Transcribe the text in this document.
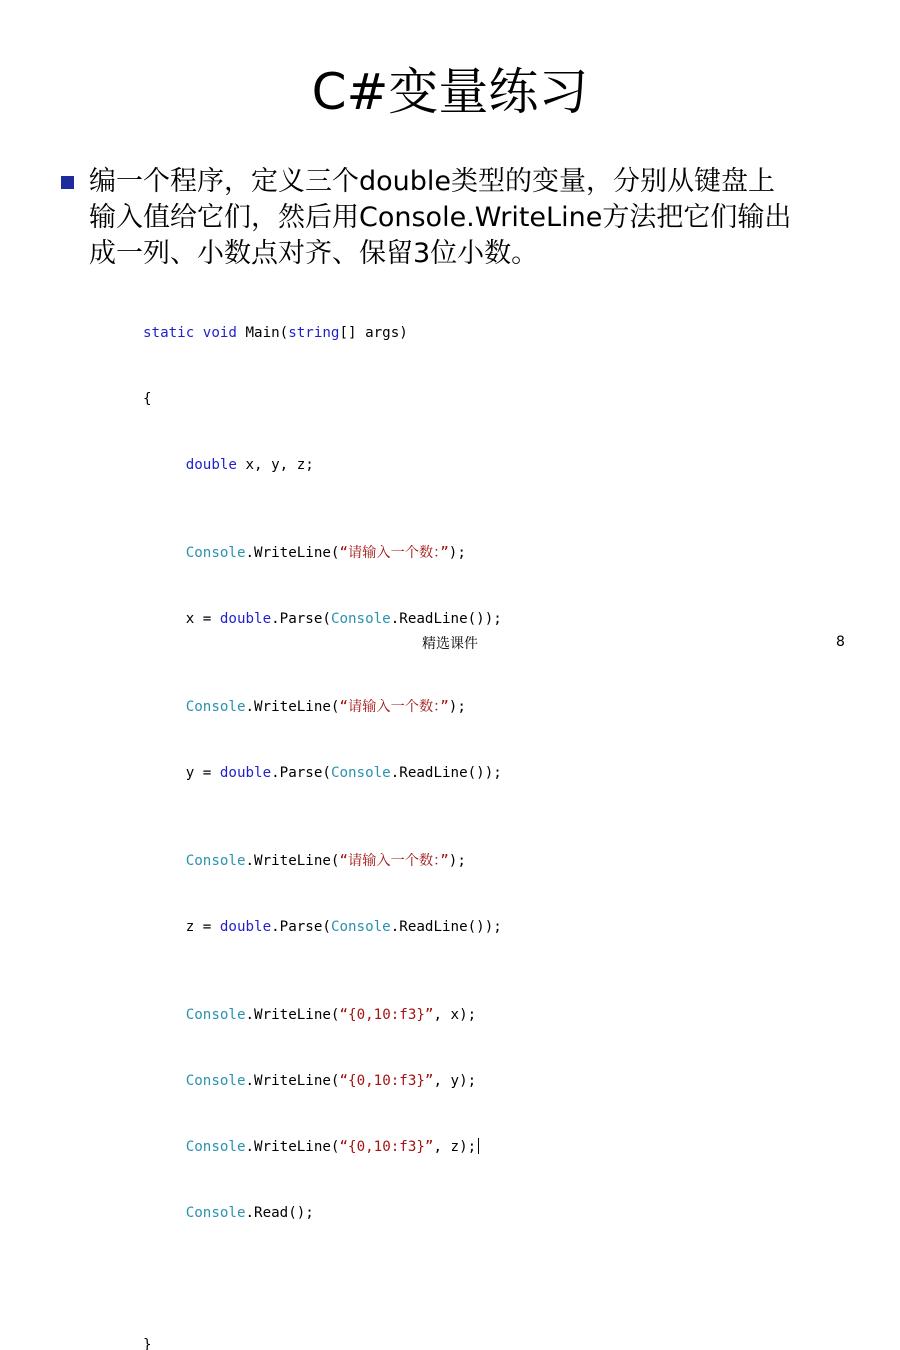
C#变量练习
编一个程序，定义三个double类型的变量，分别从键盘上
输入值给它们，然后用Console.WriteLine方法把它们输出
成一列、小数点对齐、保留3位小数。

static void Main(string[] args)

{

double x, y, z;

Console.WriteLine(“请输入一个数：”);

x = double.Parse(Console.ReadLine());

Console.WriteLine(“请输入一个数：”);

y = double.Parse(Console.ReadLine());

Console.WriteLine(“请输入一个数：”);

z = double.Parse(Console.ReadLine());

Console.WriteLine(“{0,10:f3}”, x);

Console.WriteLine(“{0,10:f3}”, y);

Console.WriteLine(“{0,10:f3}”, z);

Console.Read();

}

精选课件	8
